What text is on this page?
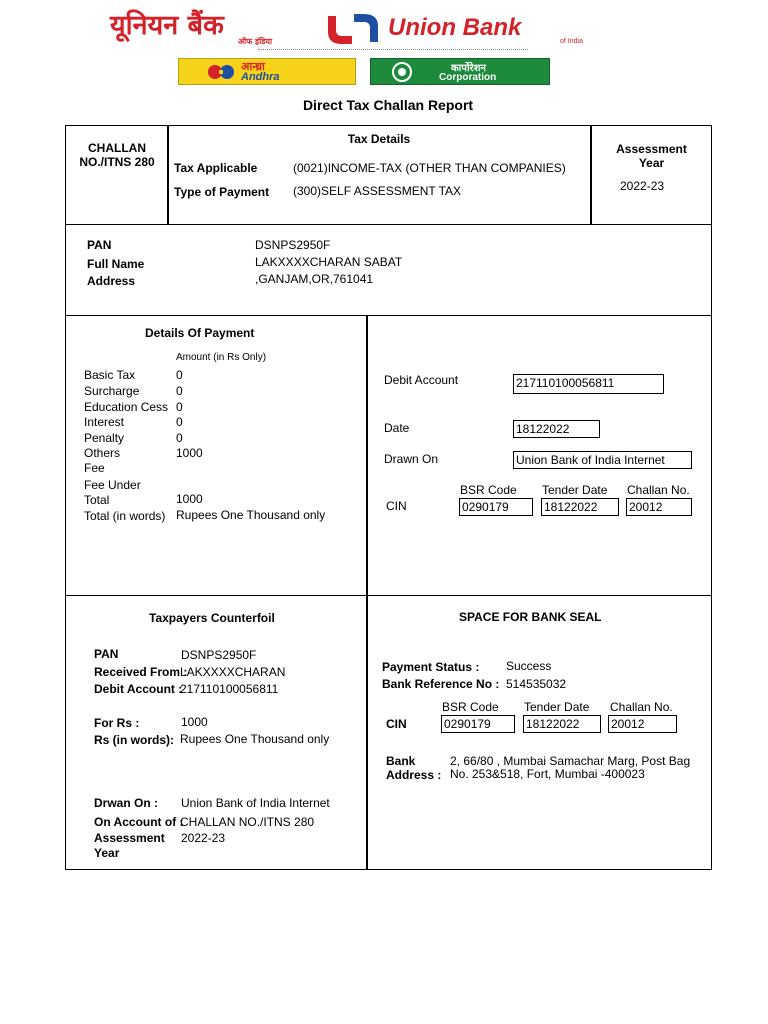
यूनियन बैंक ऑफ इंडिया	Union Bank
of India
आन्ध्रा
Andhra
कार्पोरेशन
Corporation
Direct Tax Challan Report
CHALLAN
NO./ITNS 280
Tax Details
Tax Applicable	(0021)INCOME-TAX (OTHER THAN COMPANIES)
Type of Payment (300)SELF ASSESSMENT TAX
Assessment
Year
2022-23
PAN	DSNPS2950F
Full Name	LAKXXXXCHARAN SABAT
Address	,GANJAM,OR,761041
Details Of Payment
Amount (in Rs Only)
Basic Tax	0
Surcharge	0
Education Cess 0
Interest	0
Penalty	0
Others	1000
Fee
Fee Under
Total	1000
Total (in words) Rupees One Thousand only
Debit Account	217110100056811
Date	18122022
Drawn On	Union Bank of India Internet
BSR Code Tender Date Challan No.
CIN	0290179	18122022	20012
Taxpayers Counterfoil
PAN	DSNPS2950F
Received From :
LAKXXXXCHARAN
Debit Account :
217110100056811
For Rs :	1000
Rs (in words): Rupees One Thousand only
Drwan On : Union Bank of India Internet
On Account of :
CHALLAN NO./ITNS 280
Assessment
Year
2022-23
SPACE FOR BANK SEAL
Payment Status : Success
Bank Reference No : 514535032
BSR Code Tender Date Challan No.
CIN	0290179	18122022	20012
Bank
Address :
2, 66/80 , Mumbai Samachar Marg, Post Bag
No. 253&518, Fort, Mumbai -400023
